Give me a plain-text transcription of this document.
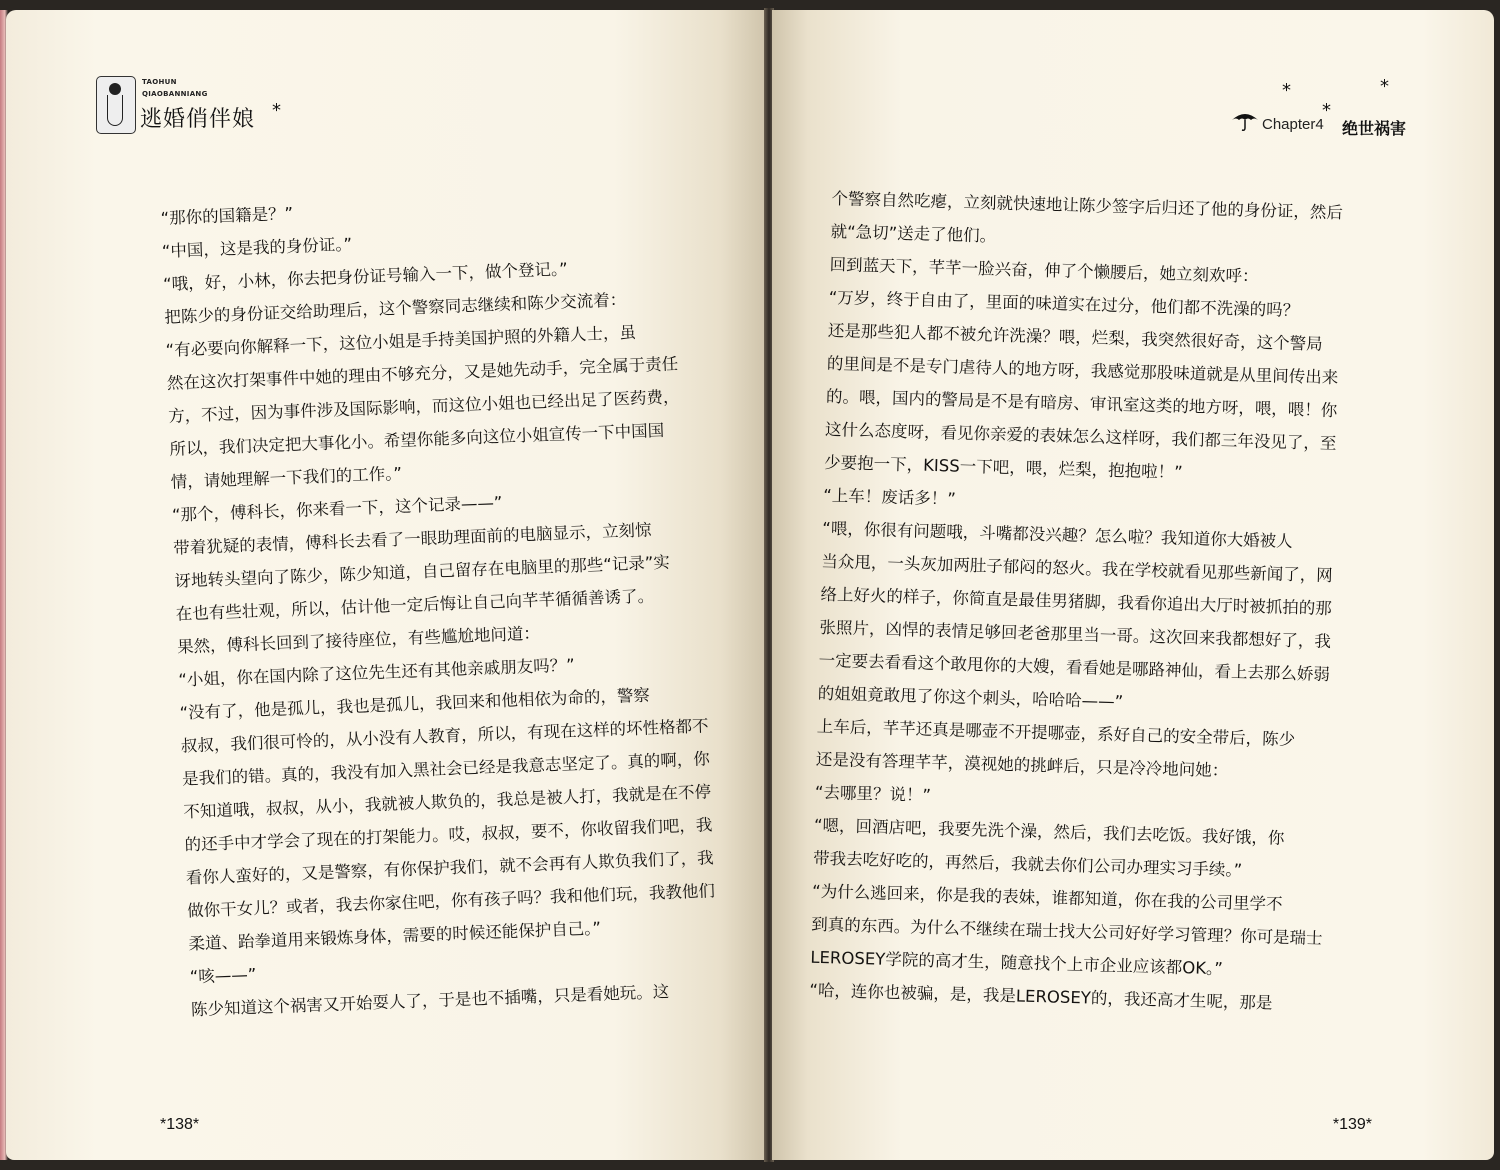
TAOHUN
QIAOBANNIANG
逃婚俏伴娘 *
“那你的国籍是？”
“中国，这是我的身份证。”
“哦，好，小林，你去把身份证号输入一下，做个登记。”
把陈少的身份证交给助理后，这个警察同志继续和陈少交流着：
“有必要向你解释一下，这位小姐是手持美国护照的外籍人士，虽
然在这次打架事件中她的理由不够充分，又是她先动手，完全属于责任
方，不过，因为事件涉及国际影响，而这位小姐也已经出足了医药费，
所以，我们决定把大事化小。希望你能多向这位小姐宣传一下中国国
情，请她理解一下我们的工作。”
“那个，傅科长，你来看一下，这个记录——”
带着犹疑的表情，傅科长去看了一眼助理面前的电脑显示，立刻惊
讶地转头望向了陈少，陈少知道，自己留存在电脑里的那些“记录”实
在也有些壮观，所以，估计他一定后悔让自己向芊芊循循善诱了。
果然，傅科长回到了接待座位，有些尴尬地问道：
“小姐，你在国内除了这位先生还有其他亲戚朋友吗？”
“没有了，他是孤儿，我也是孤儿，我回来和他相依为命的，警察
叔叔，我们很可怜的，从小没有人教育，所以，有现在这样的坏性格都不
是我们的错。真的，我没有加入黑社会已经是我意志坚定了。真的啊，你
不知道哦，叔叔，从小，我就被人欺负的，我总是被人打，我就是在不停
的还手中才学会了现在的打架能力。哎，叔叔，要不，你收留我们吧，我
看你人蛮好的，又是警察，有你保护我们，就不会再有人欺负我们了，我
做你干女儿？或者，我去你家住吧，你有孩子吗？我和他们玩，我教他们
柔道、跆拳道用来锻炼身体，需要的时候还能保护自己。”
“咳——”
陈少知道这个祸害又开始耍人了，于是也不插嘴，只是看她玩。这
*138*
*
*
*
Chapter4 绝世祸害
个警察自然吃瘪，立刻就快速地让陈少签字后归还了他的身份证，然后
就“急切”送走了他们。
回到蓝天下，芊芊一脸兴奋，伸了个懒腰后，她立刻欢呼：
“万岁，终于自由了，里面的味道实在过分，他们都不洗澡的吗？
还是那些犯人都不被允许洗澡？喂，烂梨，我突然很好奇，这个警局
的里间是不是专门虐待人的地方呀，我感觉那股味道就是从里间传出来
的。喂，国内的警局是不是有暗房、审讯室这类的地方呀，喂，喂！你
这什么态度呀，看见你亲爱的表妹怎么这样呀，我们都三年没见了，至
少要抱一下，KISS一下吧，喂，烂梨，抱抱啦！”
“上车！废话多！”
“喂，你很有问题哦，斗嘴都没兴趣？怎么啦？我知道你大婚被人
当众甩，一头灰加两肚子郁闷的怒火。我在学校就看见那些新闻了，网
络上好火的样子，你简直是最佳男猪脚，我看你追出大厅时被抓拍的那
张照片，凶悍的表情足够回老爸那里当一哥。这次回来我都想好了，我
一定要去看看这个敢甩你的大嫂，看看她是哪路神仙，看上去那么娇弱
的姐姐竟敢甩了你这个刺头，哈哈哈——”
上车后，芊芊还真是哪壶不开提哪壶，系好自己的安全带后，陈少
还是没有答理芊芊，漠视她的挑衅后，只是冷冷地问她：
“去哪里？说！”
“嗯，回酒店吧，我要先洗个澡，然后，我们去吃饭。我好饿，你
带我去吃好吃的，再然后，我就去你们公司办理实习手续。”
“为什么逃回来，你是我的表妹，谁都知道，你在我的公司里学不
到真的东西。为什么不继续在瑞士找大公司好好学习管理？你可是瑞士
LEROSEY学院的高才生，随意找个上市企业应该都OK。”
“哈，连你也被骗，是，我是LEROSEY的，我还高才生呢，那是
*139*
